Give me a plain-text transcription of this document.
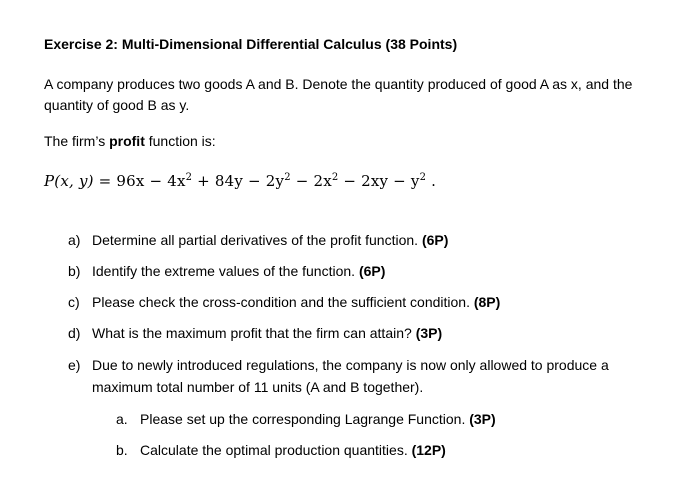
Exercise 2: Multi-Dimensional Differential Calculus (38 Points)
A company produces two goods A and B. Denote the quantity produced of good A as x, and the quantity of good B as y.
The firm’s profit function is:
P(x, $y) = 96x - 4x^2 + 84y - 2y^2 - 2x^2 - 2xy - y^2$ .
a) Determine all partial derivatives of the profit function. (6P)
b) Identify the extreme values of the function. (6P)
c) Please check the cross-condition and the sufficient condition. (8P)
d) What is the maximum profit that the firm can attain? (3P)
e) Due to newly introduced regulations, the company is now only allowed to produce a maximum total number of 11 units (A and B together).
a. Please set up the corresponding Lagrange Function. (3P)
b. Calculate the optimal production quantities. (12P)
